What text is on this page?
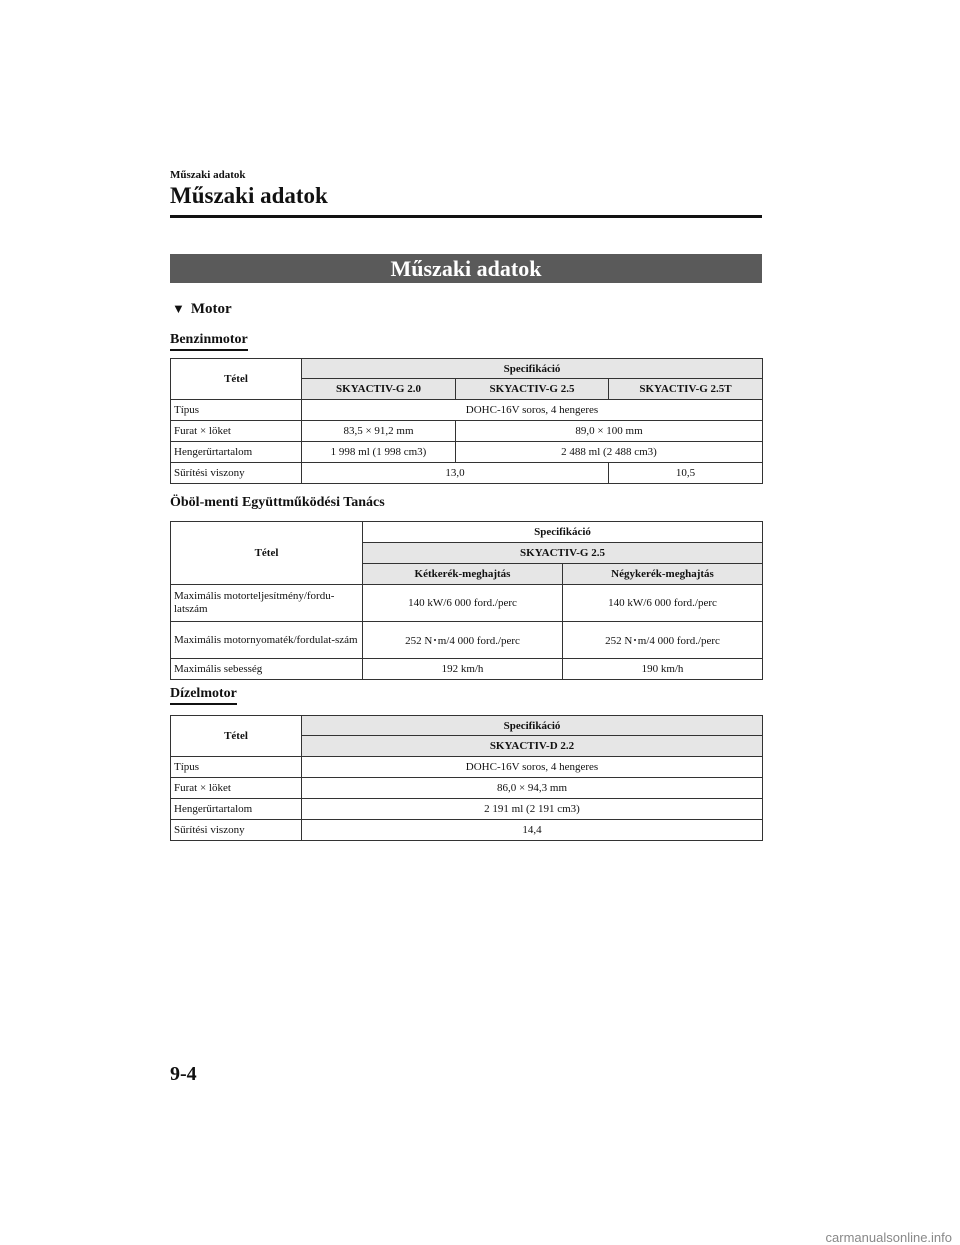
Műszaki adatok
Műszaki adatok
Műszaki adatok
▼ Motor
Benzinmotor
Tétel	Specifikáció		
	SKYACTIV-G 2.0	SKYACTIV-G 2.5	SKYACTIV-G 2.5T
Típus	DOHC-16V soros, 4 hengeres		
Furat × löket	83,5 × 91,2 mm	89,0 × 100 mm	
Hengerűrtartalom	1 998 ml (1 998 cm3)	2 488 ml (2 488 cm3)	
Sűrítési viszony	13,0		10,5
Öböl-menti Együttműködési Tanács
Tétel	Specifikáció	
	SKYACTIV-G 2.5	
	Kétkerék-meghajtás	Négykerék-meghajtás
Maximális motorteljesítmény/fordu-latszám	140 kW/6 000 ford./perc	140 kW/6 000 ford./perc
Maximális motornyomaték/fordulat-szám	252 N･m/4 000 ford./perc	252 N･m/4 000 ford./perc
Maximális sebesség	192 km/h	190 km/h
Dízelmotor
Tétel	Specifikáció
	SKYACTIV-D 2.2
Típus	DOHC-16V soros, 4 hengeres
Furat × löket	86,0 × 94,3 mm
Hengerűrtartalom	2 191 ml (2 191 cm3)
Sűrítési viszony	14,4
9-4
carmanualsonline.info
